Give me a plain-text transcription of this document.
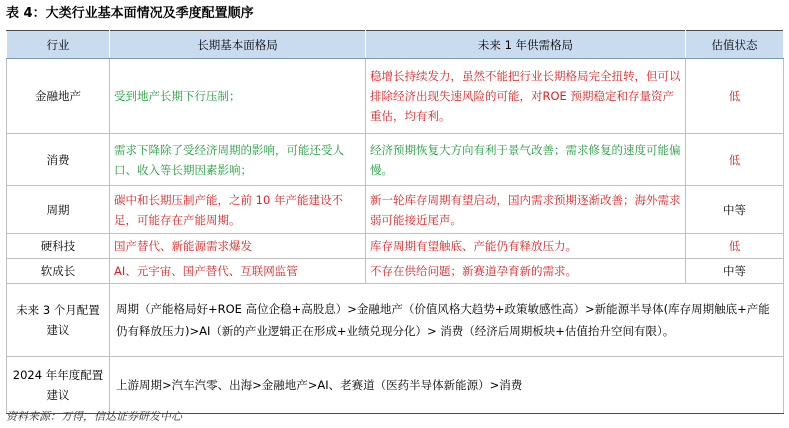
表 4：大类行业基本面情况及季度配置顺序
行业	长期基本面格局	未来 1 年供需格局	估值状态
金融地产	受到地产长期下行压制；	稳增长持续发力，虽然不能把行业长期格局完全扭转，但可以排除经济出现失速风险的可能，对ROE 预期稳定和存量资产重估，均有利。	低
消费	需求下降除了受经济周期的影响，可能还受人口、收入等长期因素影响；	经济预期恢复大方向有利于景气改善；需求修复的速度可能偏慢。	低
周期	碳中和长期压制产能，之前 10 年产能建设不足，可能存在产能周期。	新一轮库存周期有望启动，国内需求预期逐渐改善；海外需求弱可能接近尾声。	中等
硬科技	国产替代、新能源需求爆发	库存周期有望触底、产能仍有释放压力。	低
软成长	AI、元宇宙、国产替代、互联网监管	不存在供给问题；新赛道孕育新的需求。	中等
未来 3 个月配置建议	周期（产能格局好+ROE 高位企稳+高股息）>金融地产（价值风格大趋势+政策敏感性高）>新能源半导体(库存周期触底+产能仍有释放压力)>AI（新的产业逻辑正在形成+业绩兑现分化）> 消费（经济后周期板块+估值抬升空间有限）。		
2024 年年度配置建议	上游周期>汽车汽零、出海>金融地产>AI、老赛道（医药半导体新能源）>消费		
资料来源：万得，信达证券研发中心
